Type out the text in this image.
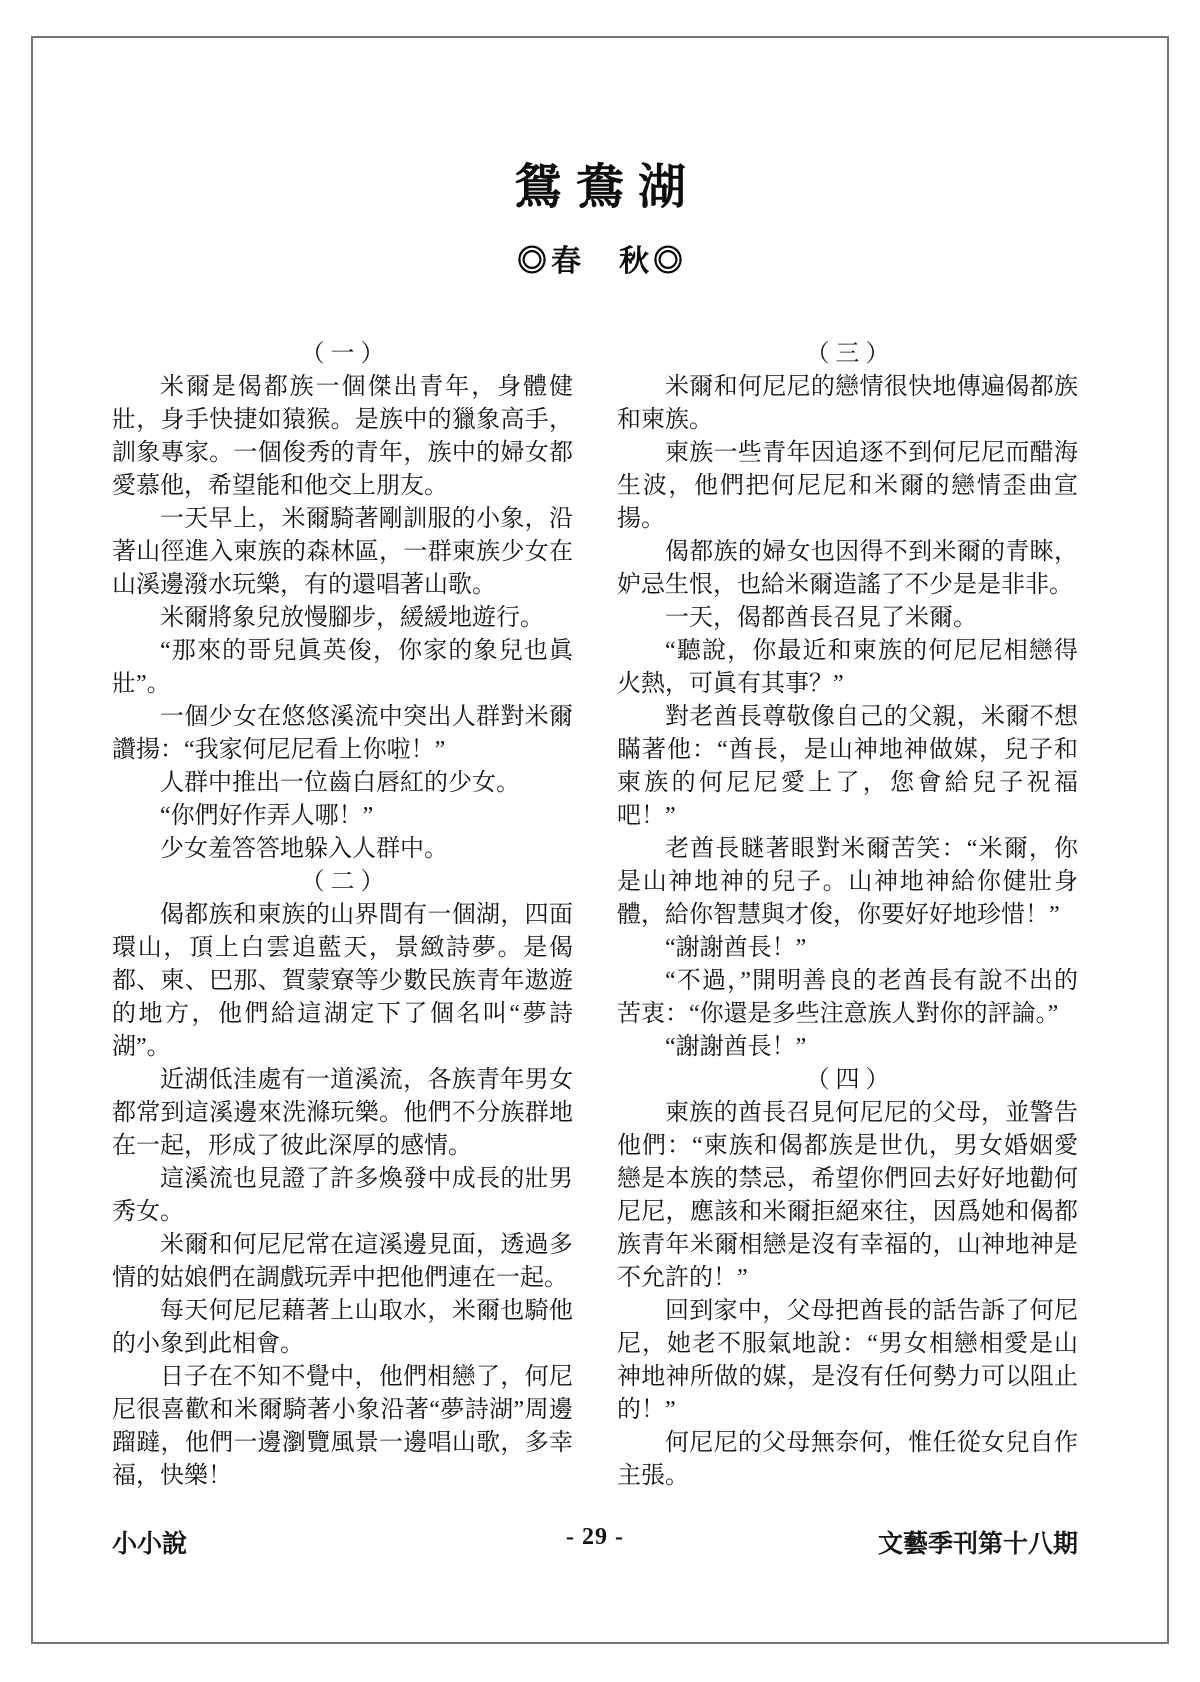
鴛鴦湖
◎春　秋◎

（一）

米爾是偈都族一個傑出青年，身體健壯，身手快捷如猿猴。是族中的獵象高手，訓象專家。一個俊秀的青年，族中的婦女都愛慕他，希望能和他交上朋友。

一天早上，米爾騎著剛訓服的小象，沿著山徑進入柬族的森林區，一群柬族少女在山溪邊潑水玩樂，有的還唱著山歌。

米爾將象兒放慢腳步，緩緩地遊行。

“那來的哥兒眞英俊，你家的象兒也眞壯”。

一個少女在悠悠溪流中突出人群對米爾讚揚：“我家何尼尼看上你啦！”

人群中推出一位齒白唇紅的少女。

“你們好作弄人哪！”

少女羞答答地躲入人群中。

（二）

偈都族和柬族的山界間有一個湖，四面環山，頂上白雲追藍天，景緻詩夢。是偈都、柬、巴那、賀蒙寮等少數民族青年遨遊的地方，他們給這湖定下了個名叫“夢詩湖”。

近湖低洼處有一道溪流，各族青年男女都常到這溪邊來洗滌玩樂。他們不分族群地在一起，形成了彼此深厚的感情。

這溪流也見證了許多煥發中成長的壯男秀女。

米爾和何尼尼常在這溪邊見面，透過多情的姑娘們在調戲玩弄中把他們連在一起。

每天何尼尼藉著上山取水，米爾也騎他的小象到此相會。

日子在不知不覺中，他們相戀了，何尼尼很喜歡和米爾騎著小象沿著“夢詩湖”周邊蹓躂，他們一邊瀏覽風景一邊唱山歌，多幸福，快樂！

（三）

米爾和何尼尼的戀情很快地傳遍偈都族和柬族。

柬族一些青年因追逐不到何尼尼而醋海生波，他們把何尼尼和米爾的戀情歪曲宣揚。

偈都族的婦女也因得不到米爾的青睞，妒忌生恨，也給米爾造謠了不少是是非非。

一天，偈都酋長召見了米爾。

“聽說，你最近和柬族的何尼尼相戀得火熱，可眞有其事？”

對老酋長尊敬像自己的父親，米爾不想瞞著他：“酋長，是山神地神做媒，兒子和柬族的何尼尼愛上了，您會給兒子祝福吧！”

老酋長瞇著眼對米爾苦笑：“米爾，你是山神地神的兒子。山神地神給你健壯身體，給你智慧與才俊，你要好好地珍惜！”

“謝謝酋長！”

“不過，”開明善良的老酋長有說不出的苦衷：“你還是多些注意族人對你的評論。”

“謝謝酋長！”

（四）

柬族的酋長召見何尼尼的父母，並警告他們：“柬族和偈都族是世仇，男女婚姻愛戀是本族的禁忌，希望你們回去好好地勸何尼尼，應該和米爾拒絕來往，因爲她和偈都族青年米爾相戀是沒有幸福的，山神地神是不允許的！”

回到家中，父母把酋長的話告訴了何尼尼，她老不服氣地說：“男女相戀相愛是山神地神所做的媒，是沒有任何勢力可以阻止的！”

何尼尼的父母無奈何，惟任從女兒自作主張。

小小說	- 29 -	文藝季刊第十八期
